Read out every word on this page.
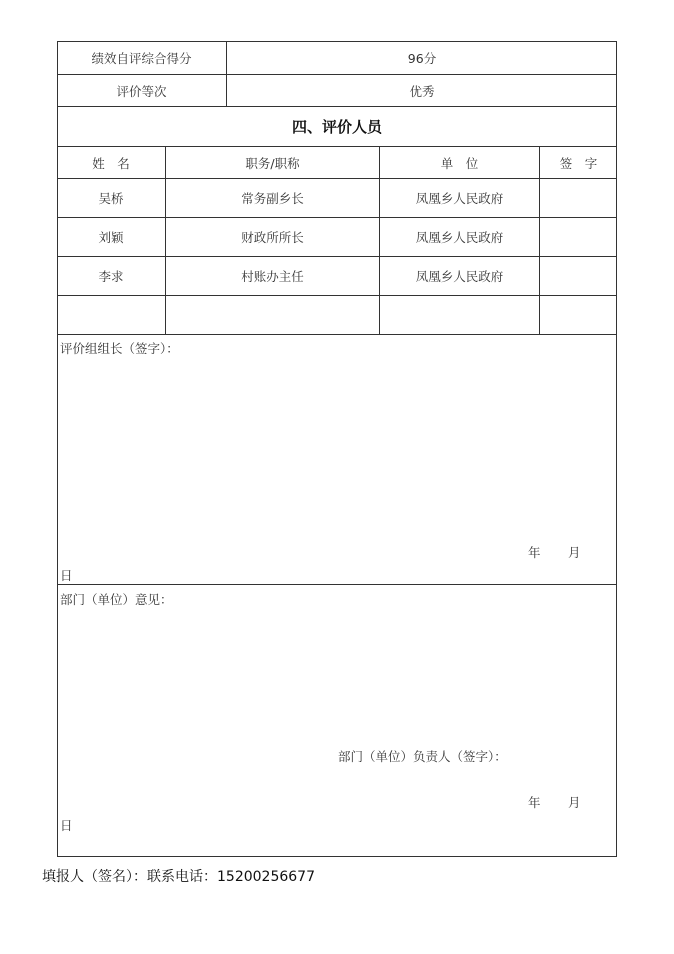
绩效自评综合得分	96分
评价等次	优秀
四、评价人员
姓　名	职务/职称	单　位	签　字
吴桥	常务副乡长	凤凰乡人民政府
刘颖	财政所所长	凤凰乡人民政府
李求	村账办主任	凤凰乡人民政府
评价组组长（签字）：
年 月
日
部门（单位）意见：
部门（单位）负责人（签字）：
年 月
日
填报人（签名）：联系电话：15200256677
